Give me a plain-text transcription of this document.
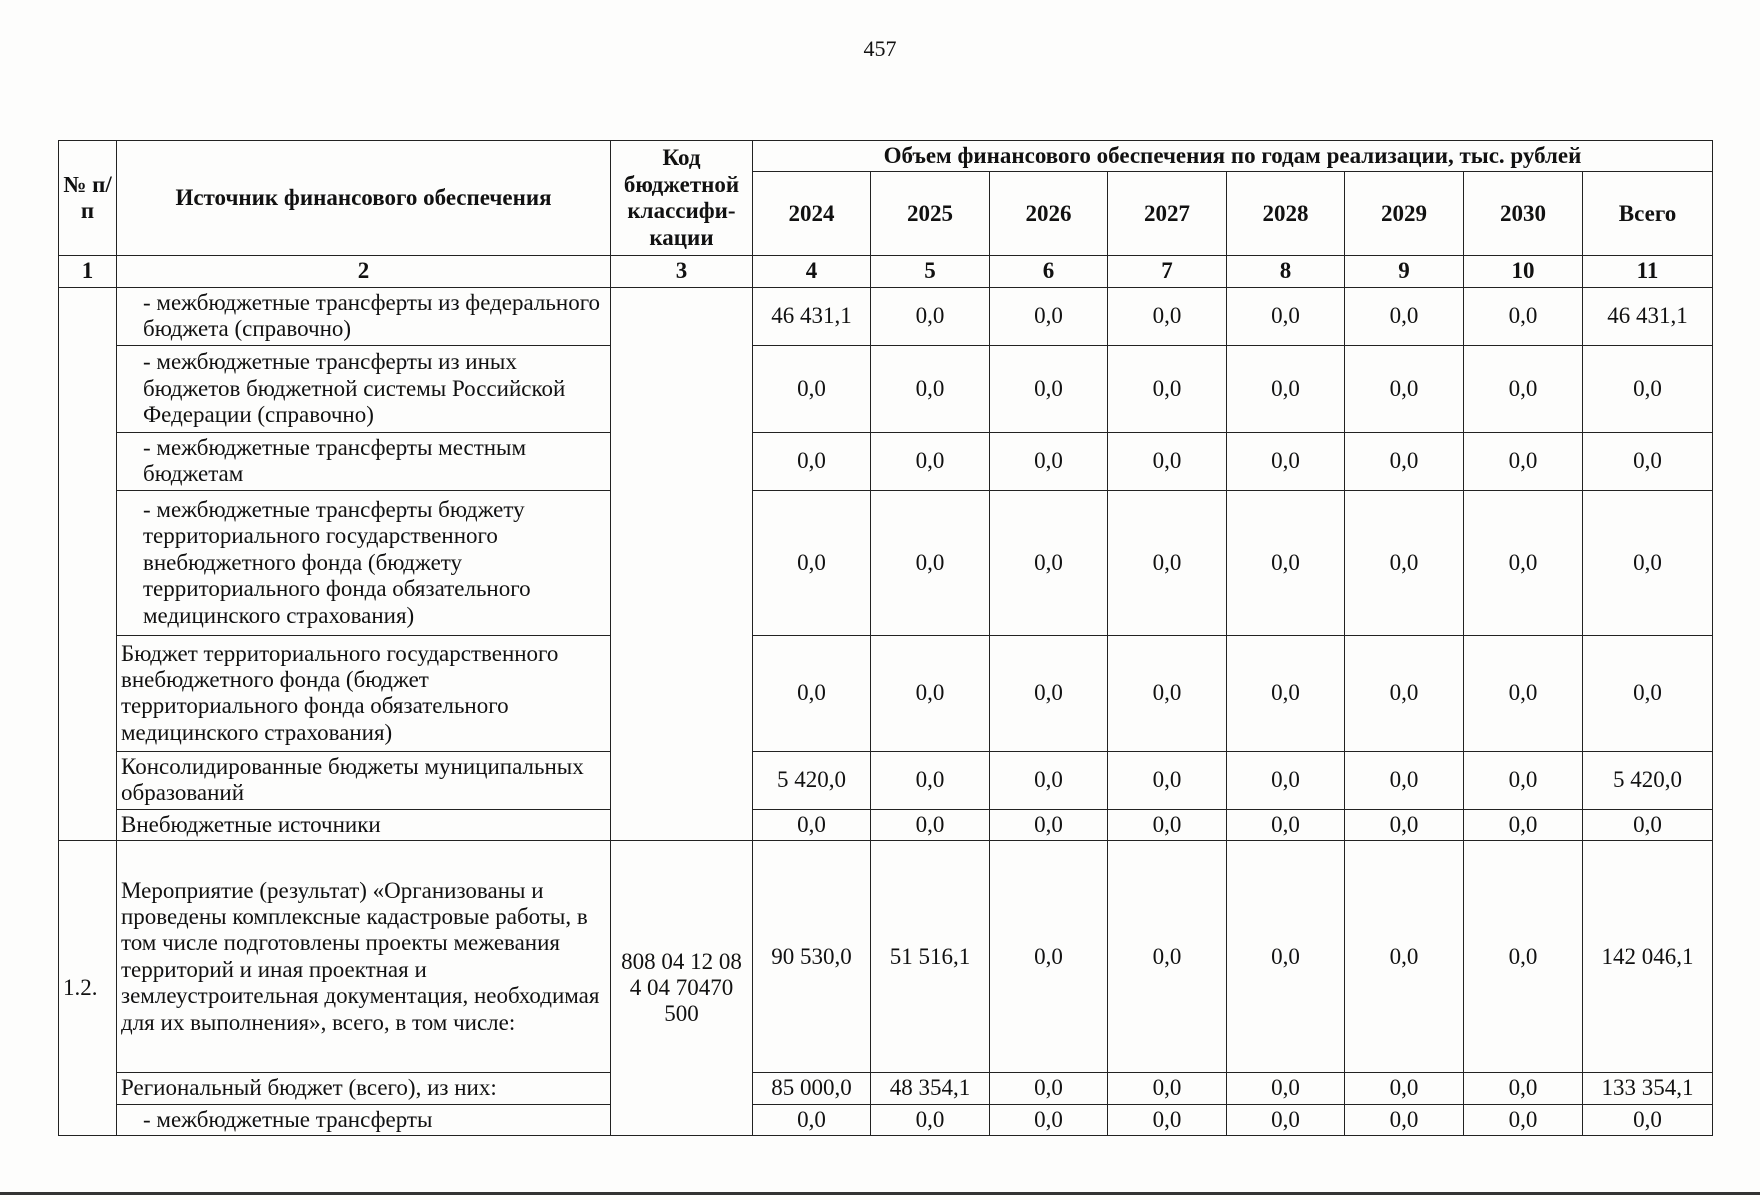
457
№ п/п	Источник финансового обеспечения	Код бюджетной классифи-кации	Объем финансового обеспечения по годам реализации, тыс. рублей							
			2024	2025	2026	2027	2028	2029	2030	Всего
1	2	3	4	5	6	7	8	9	10	11
	- межбюджетные трансферты из федерального бюджета (справочно)		46 431,1	0,0	0,0	0,0	0,0	0,0	0,0	46 431,1
	- межбюджетные трансферты из иных бюджетов бюджетной системы Российской Федерации (справочно)		0,0	0,0	0,0	0,0	0,0	0,0	0,0	0,0
	- межбюджетные трансферты местным бюджетам		0,0	0,0	0,0	0,0	0,0	0,0	0,0	0,0
	- межбюджетные трансферты бюджету территориального государственного внебюджетного фонда (бюджету территориального фонда обязательного медицинского страхования)		0,0	0,0	0,0	0,0	0,0	0,0	0,0	0,0
	Бюджет территориального государственного внебюджетного фонда (бюджет территориального фонда обязательного медицинского страхования)		0,0	0,0	0,0	0,0	0,0	0,0	0,0	0,0
	Консолидированные бюджеты муниципальных образований		5 420,0	0,0	0,0	0,0	0,0	0,0	0,0	5 420,0
	Внебюджетные источники		0,0	0,0	0,0	0,0	0,0	0,0	0,0	0,0
1.2.	Мероприятие (результат) «Организованы и проведены комплексные кадастровые работы, в том числе подготовлены проекты межевания территорий и иная проектная и землеустроительная документация, необходимая для их выполнения», всего, в том числе:	808 04 12 08 4 04 70470 500	90 530,0	51 516,1	0,0	0,0	0,0	0,0	0,0	142 046,1
	Региональный бюджет (всего), из них:		85 000,0	48 354,1	0,0	0,0	0,0	0,0	0,0	133 354,1
	- межбюджетные трансферты		0,0	0,0	0,0	0,0	0,0	0,0	0,0	0,0
